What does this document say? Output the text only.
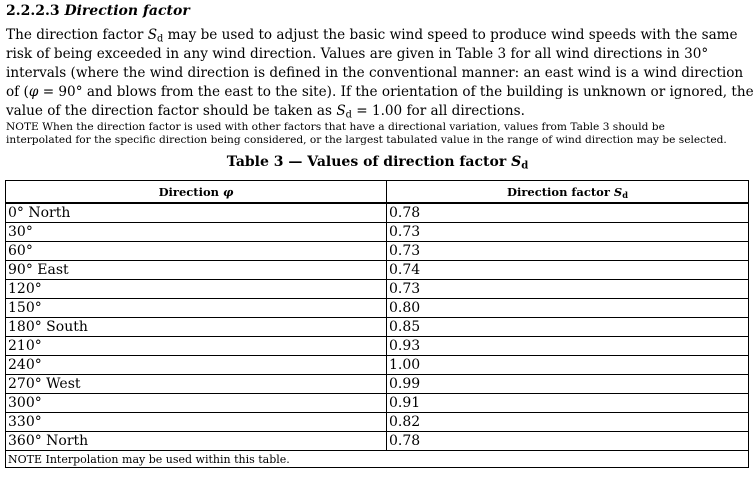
2.2.2.3 Direction factor
The direction factor $S_d$ may be used to adjust the basic wind speed to produce wind speeds with the same
risk of being exceeded in any wind direction. Values are given in Table 3 for all wind directions in 30°
intervals (where the wind direction is defined in the conventional manner: an east wind is a wind direction
of (φ = 90° and blows from the east to the site). If the orientation of the building is unknown or ignored, the
value of the direction factor should be taken as $S_d = 1.00$ for all directions.
NOTE When the direction factor is used with other factors that have a directional variation, values from Table 3 should be
interpolated for the specific direction being considered, or the largest tabulated value in the range of wind direction may be selected.
Table 3 — Values of direction factor $S_d$
Direction φ	Direction factor $S_d$
0° North	0.78
30°	0.73
60°	0.73
90° East	0.74
120°	0.73
150°	0.80
180° South	0.85
210°	0.93
240°	1.00
270° West	0.99
300°	0.91
330°	0.82
360° North	0.78
NOTE Interpolation may be used within this table.	
